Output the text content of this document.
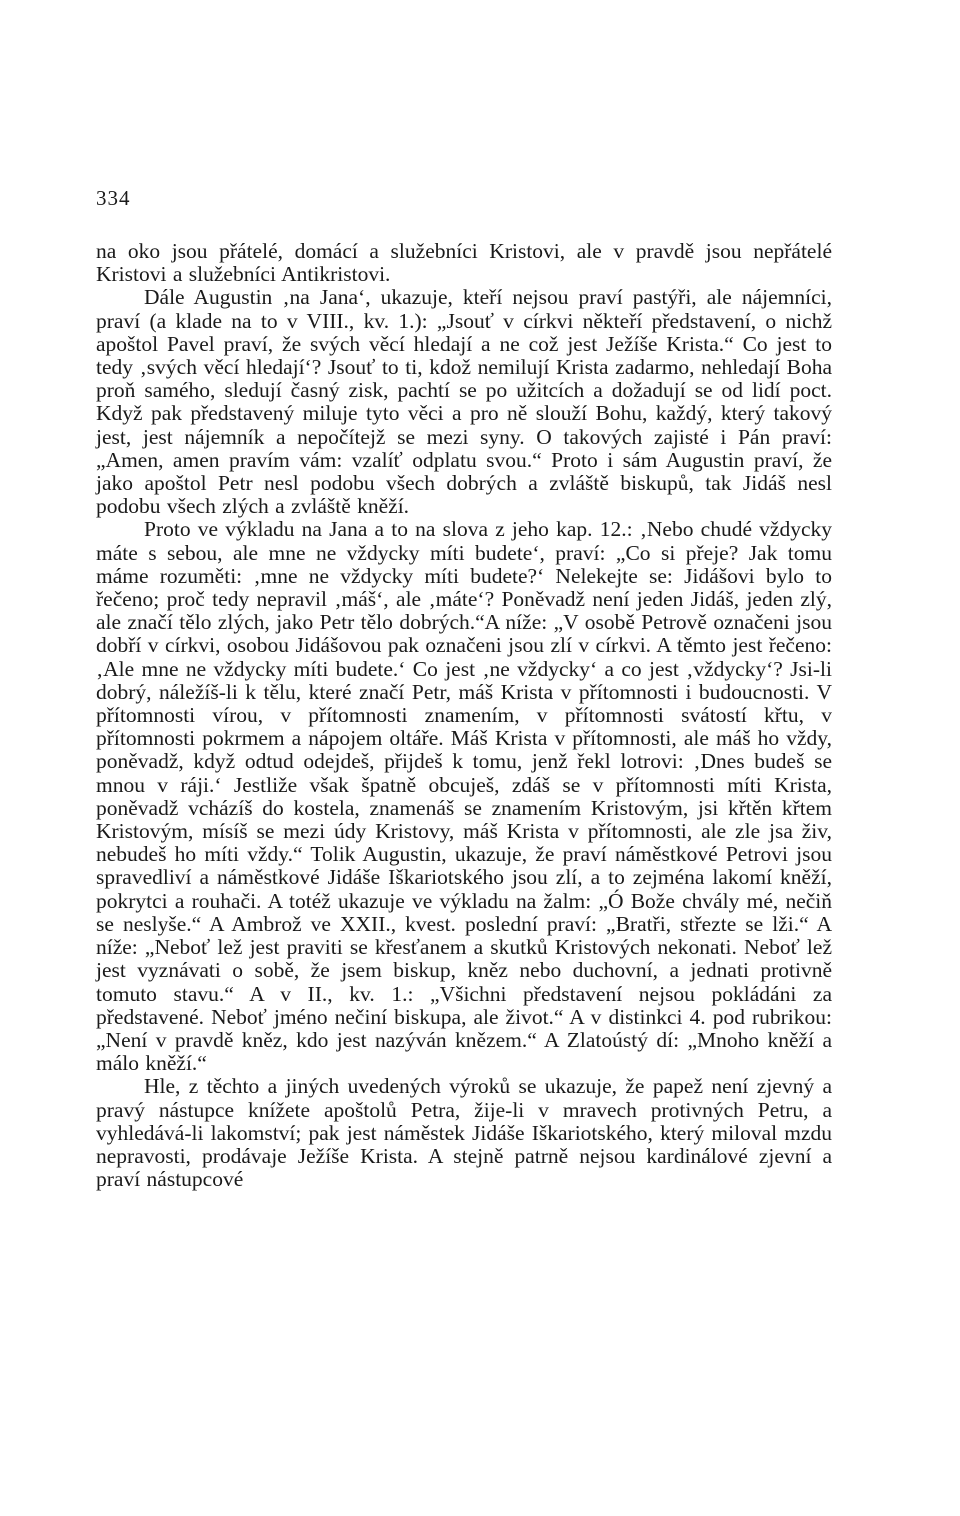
334

na oko jsou přátelé, domácí a služebníci Kristovi, ale v pravdě jsou nepřátelé Kristovi a služebníci Antikristovi.

Dále Augustin ‚na Jana‘, ukazuje, kteří nejsou praví pastýři, ale nájemníci, praví (a klade na to v VIII., kv. 1.): „Jsouť v církvi někteří představení, o nichž apoštol Pavel praví, že svých věcí hledají a ne což jest Ježíše Krista.“ Co jest to tedy ‚svých věcí hledají‘? Jsouť to ti, kdož nemilují Krista zadarmo, nehledají Boha proň samého, sledují časný zisk, pachtí se po užitcích a dožadují se od lidí poct. Když pak představený miluje tyto věci a pro ně slouží Bohu, každý, který takový jest, jest nájemník a nepočítejž se mezi syny. O takových zajisté i Pán praví: „Amen, amen pravím vám: vzalíť odplatu svou.“ Proto i sám Augustin praví, že jako apoštol Petr nesl podobu všech dobrých a zvláště biskupů, tak Jidáš nesl podobu všech zlých a zvláště kněží.

Proto ve výkladu na Jana a to na slova z jeho kap. 12.: ‚Nebo chudé vždycky máte s sebou, ale mne ne vždycky míti budete‘, praví: „Co si přeje? Jak tomu máme rozuměti: ‚mne ne vždycky míti budete?‘ Nelekejte se: Jidášovi bylo to řečeno; proč tedy nepravil ‚máš‘, ale ‚máte‘? Poněvadž není jeden Jidáš, jeden zlý, ale značí tělo zlých, jako Petr tělo dobrých.“A níže: „V osobě Petrově označeni jsou dobří v církvi, osobou Jidášovou pak označeni jsou zlí v církvi. A těmto jest řečeno: ‚Ale mne ne vždycky míti budete.‘ Co jest ‚ne vždycky‘ a co jest ‚vždycky‘? Jsi-li dobrý, náležíš-li k tělu, které značí Petr, máš Krista v přítomnosti i budoucnosti. V přítomnosti vírou, v přítomnosti znamením, v přítomnosti svátostí křtu, v přítomnosti pokrmem a nápojem oltáře. Máš Krista v přítomnosti, ale máš ho vždy, poněvadž, když odtud odejdeš, přijdeš k tomu, jenž řekl lotrovi: ‚Dnes budeš se mnou v ráji.‘ Jestliže však špatně obcuješ, zdáš se v přítomnosti míti Krista, poněvadž vcházíš do kostela, znamenáš se znamením Kristovým, jsi křtěn křtem Kristovým, mísíš se mezi údy Kristovy, máš Krista v přítomnosti, ale zle jsa živ, nebudeš ho míti vždy.“ Tolik Augustin, ukazuje, že praví náměstkové Petrovi jsou spravedliví a náměstkové Jidáše Iškariotského jsou zlí, a to zejména lakomí kněží, pokrytci a rouhači. A totéž ukazuje ve výkladu na žalm: „Ó Bože chvály mé, nečiň se neslyše.“ A Ambrož ve XXII., kvest. poslední praví: „Bratři, střezte se lži.“ A níže: „Neboť lež jest praviti se křesťanem a skutků Kristových nekonati. Neboť lež jest vyznávati o sobě, že jsem biskup, kněz nebo duchovní, a jednati protivně tomuto stavu.“ A v II., kv. 1.: „Všichni představení nejsou pokládáni za představené. Neboť jméno nečiní biskupa, ale život.“ A v distinkci 4. pod rubrikou: „Není v pravdě kněz, kdo jest nazýván knězem.“ A Zlatoústý dí: „Mnoho kněží a málo kněží.“

Hle, z těchto a jiných uvedených výroků se ukazuje, že papež není zjevný a pravý nástupce knížete apoštolů Petra, žije-li v mravech protivných Petru, a vyhledává-li lakomství; pak jest náměstek Jidáše Iškariotského, který miloval mzdu nepravosti, prodávaje Ježíše Krista. A stejně patrně nejsou kardinálové zjevní a praví nástupcové
